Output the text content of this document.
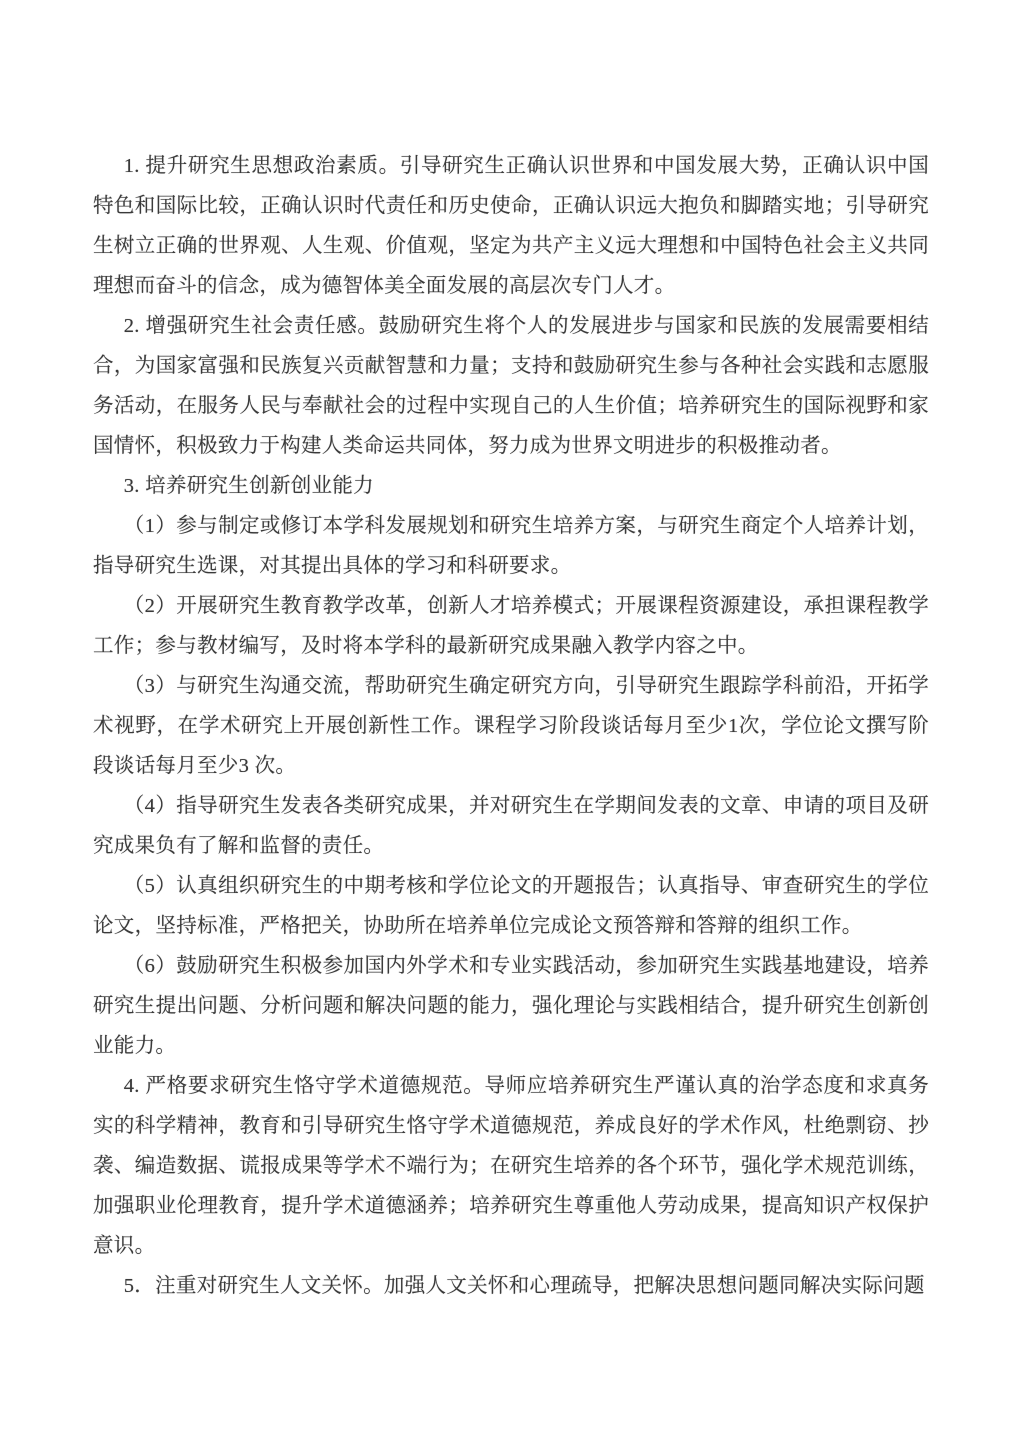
1. 提升研究生思想政治素质。引导研究生正确认识世界和中国发展大势，正确认识中国特色和国际比较，正确认识时代责任和历史使命，正确认识远大抱负和脚踏实地；引导研究生树立正确的世界观、人生观、价值观，坚定为共产主义远大理想和中国特色社会主义共同理想而奋斗的信念，成为德智体美全面发展的高层次专门人才。

2. 增强研究生社会责任感。鼓励研究生将个人的发展进步与国家和民族的发展需要相结合，为国家富强和民族复兴贡献智慧和力量；支持和鼓励研究生参与各种社会实践和志愿服务活动，在服务人民与奉献社会的过程中实现自己的人生价值；培养研究生的国际视野和家国情怀，积极致力于构建人类命运共同体，努力成为世界文明进步的积极推动者。

3. 培养研究生创新创业能力

（1）参与制定或修订本学科发展规划和研究生培养方案，与研究生商定个人培养计划，指导研究生选课，对其提出具体的学习和科研要求。

（2）开展研究生教育教学改革，创新人才培养模式；开展课程资源建设，承担课程教学工作；参与教材编写，及时将本学科的最新研究成果融入教学内容之中。

（3）与研究生沟通交流，帮助研究生确定研究方向，引导研究生跟踪学科前沿，开拓学术视野，在学术研究上开展创新性工作。课程学习阶段谈话每月至少1次，学位论文撰写阶段谈话每月至少3 次。

（4）指导研究生发表各类研究成果，并对研究生在学期间发表的文章、申请的项目及研究成果负有了解和监督的责任。

（5）认真组织研究生的中期考核和学位论文的开题报告；认真指导、审查研究生的学位论文，坚持标准，严格把关，协助所在培养单位完成论文预答辩和答辩的组织工作。

（6）鼓励研究生积极参加国内外学术和专业实践活动，参加研究生实践基地建设，培养研究生提出问题、分析问题和解决问题的能力，强化理论与实践相结合，提升研究生创新创业能力。

4. 严格要求研究生恪守学术道德规范。导师应培养研究生严谨认真的治学态度和求真务实的科学精神，教育和引导研究生恪守学术道德规范，养成良好的学术作风，杜绝剽窃、抄袭、编造数据、谎报成果等学术不端行为；在研究生培养的各个环节，强化学术规范训练，加强职业伦理教育，提升学术道德涵养；培养研究生尊重他人劳动成果，提高知识产权保护意识。

5．注重对研究生人文关怀。加强人文关怀和心理疏导，把解决思想问题同解决实际问题
